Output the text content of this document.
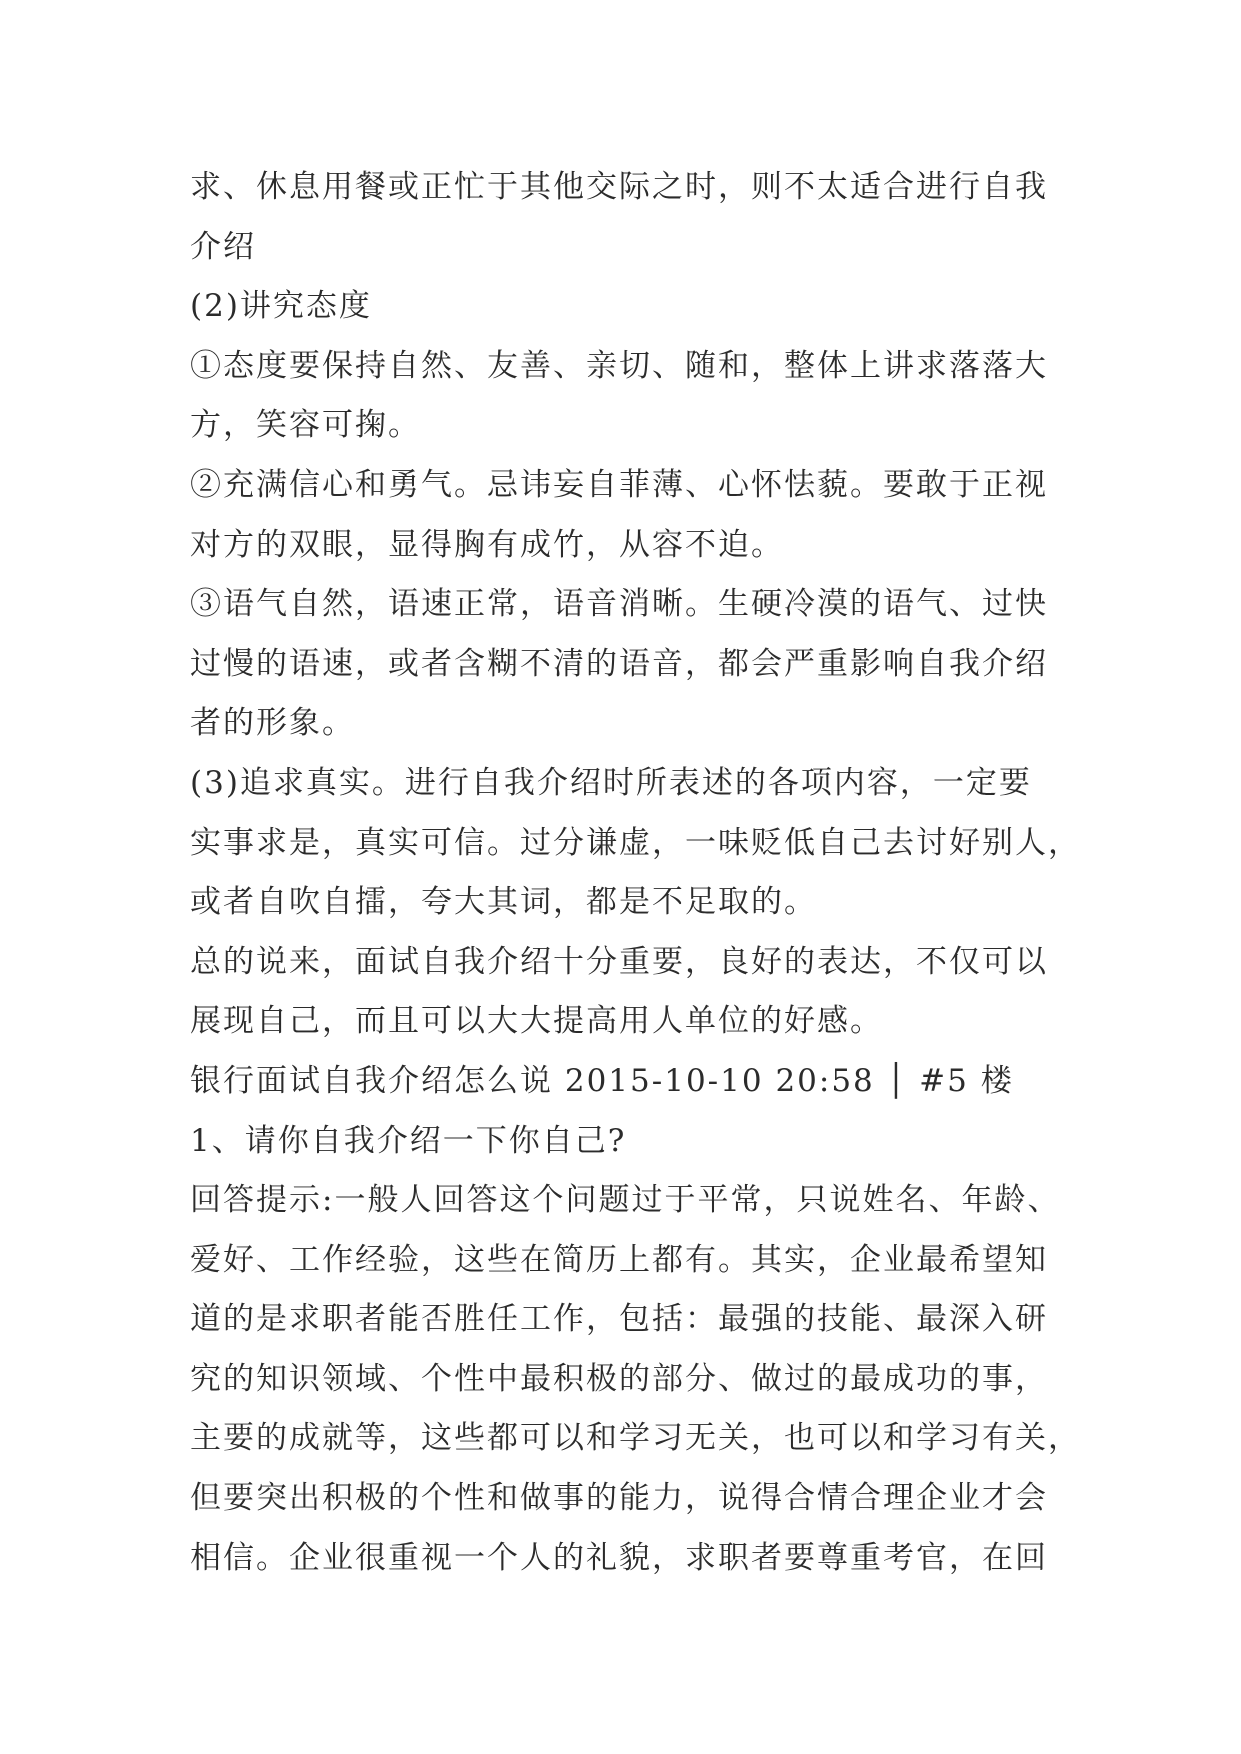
求、休息用餐或正忙于其他交际之时，则不太适合进行自我

介绍

(2)讲究态度

①态度要保持自然、友善、亲切、随和，整体上讲求落落大

方，笑容可掬。

②充满信心和勇气。忌讳妄自菲薄、心怀怯藐。要敢于正视

对方的双眼，显得胸有成竹，从容不迫。

③语气自然，语速正常，语音消晰。生硬冷漠的语气、过快

过慢的语速，或者含糊不清的语音，都会严重影响自我介绍

者的形象。

(3)追求真实。进行自我介绍时所表述的各项内容，一定要

实事求是，真实可信。过分谦虚，一味贬低自己去讨好别人，

或者自吹自擂，夸大其词，都是不足取的。

总的说来，面试自我介绍十分重要，良好的表达，不仅可以

展现自己，而且可以大大提高用人单位的好感。

银行面试自我介绍怎么说 2015-10-10 20:58 │ #5 楼

1、请你自我介绍一下你自己?

回答提示:一般人回答这个问题过于平常，只说姓名、年龄、

爱好、工作经验，这些在简历上都有。其实，企业最希望知

道的是求职者能否胜任工作，包括：最强的技能、最深入研

究的知识领域、个性中最积极的部分、做过的最成功的事，

主要的成就等，这些都可以和学习无关，也可以和学习有关，

但要突出积极的个性和做事的能力，说得合情合理企业才会

相信。企业很重视一个人的礼貌，求职者要尊重考官，在回
